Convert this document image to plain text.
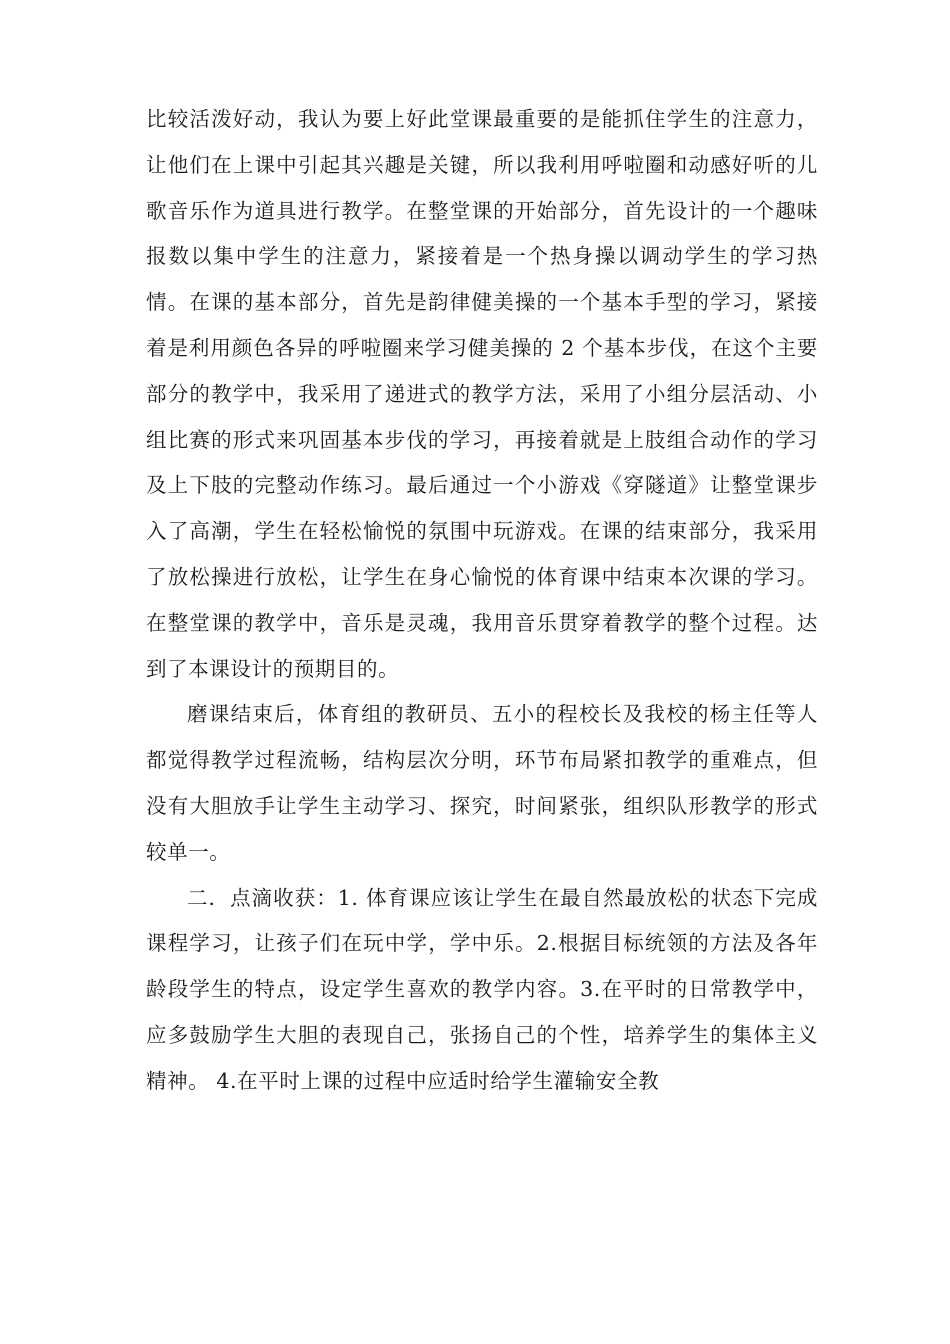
比较活泼好动，我认为要上好此堂课最重要的是能抓住学生的注意力，让他们在上课中引起其兴趣是关键，所以我利用呼啦圈和动感好听的儿歌音乐作为道具进行教学。在整堂课的开始部分，首先设计的一个趣味报数以集中学生的注意力，紧接着是一个热身操以调动学生的学习热情。在课的基本部分，首先是韵律健美操的一个基本手型的学习，紧接着是利用颜色各异的呼啦圈来学习健美操的 2 个基本步伐，在这个主要部分的教学中，我采用了递进式的教学方法，采用了小组分层活动、小组比赛的形式来巩固基本步伐的学习，再接着就是上肢组合动作的学习及上下肢的完整动作练习。最后通过一个小游戏《穿隧道》让整堂课步入了高潮，学生在轻松愉悦的氛围中玩游戏。在课的结束部分，我采用了放松操进行放松，让学生在身心愉悦的体育课中结束本次课的学习。在整堂课的教学中，音乐是灵魂，我用音乐贯穿着教学的整个过程。达到了本课设计的预期目的。

磨课结束后，体育组的教研员、五小的程校长及我校的杨主任等人都觉得教学过程流畅，结构层次分明，环节布局紧扣教学的重难点，但没有大胆放手让学生主动学习、探究，时间紧张，组织队形教学的形式较单一。

二．点滴收获：1. 体育课应该让学生在最自然最放松的状态下完成课程学习，让孩子们在玩中学，学中乐。2.根据目标统领的方法及各年龄段学生的特点，设定学生喜欢的教学内容。3.在平时的日常教学中，应多鼓励学生大胆的表现自己，张扬自己的个性，培养学生的集体主义精神。 4.在平时上课的过程中应适时给学生灌输安全教
